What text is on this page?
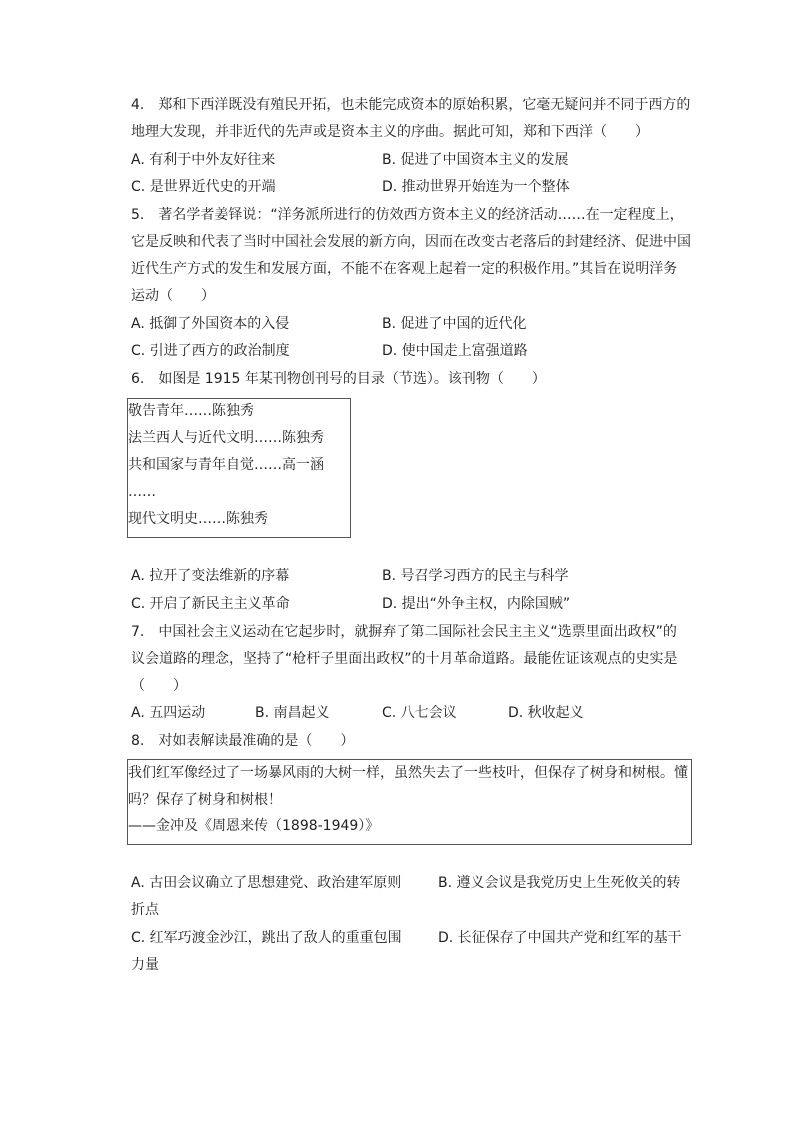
4.　郑和下西洋既没有殖民开拓，也未能完成资本的原始积累，它毫无疑问并不同于西方的
地理大发现，并非近代的先声或是资本主义的序曲。据此可知，郑和下西洋（　　）
A. 有利于中外友好往来	B. 促进了中国资本主义的发展
C. 是世界近代史的开端	D. 推动世界开始连为一个整体
5.　著名学者姜铎说：“洋务派所进行的仿效西方资本主义的经济活动……在一定程度上，
它是反映和代表了当时中国社会发展的新方向，因而在改变古老落后的封建经济、促进中国
近代生产方式的发生和发展方面，不能不在客观上起着一定的积极作用。”其旨在说明洋务
运动（　　）
A. 抵御了外国资本的入侵	B. 促进了中国的近代化
C. 引进了西方的政治制度	D. 使中国走上富强道路
6.　如图是 1915 年某刊物创刊号的目录（节选）。该刊物（　　）
敬告青年……陈独秀
法兰西人与近代文明……陈独秀
共和国家与青年自觉……高一涵
……
现代文明史……陈独秀
A. 拉开了变法维新的序幕	B. 号召学习西方的民主与科学
C. 开启了新民主主义革命	D. 提出“外争主权，内除国贼”
7.　中国社会主义运动在它起步时，就摒弃了第二国际社会民主主义“选票里面出政权”的
议会道路的理念，坚持了“枪杆子里面出政权”的十月革命道路。最能佐证该观点的史实是
（　　）
A. 五四运动	B. 南昌起义	C. 八七会议	D. 秋收起义
8.　对如表解读最准确的是（　　）
我们红军像经过了一场暴风雨的大树一样，虽然失去了一些枝叶，但保存了树身和树根。懂
吗？保存了树身和树根！
——金冲及《周恩来传（1898-1949）》
A. 古田会议确立了思想建党、政治建军原则	B. 遵义会议是我党历史上生死攸关的转
折点
C. 红军巧渡金沙江，跳出了敌人的重重包围	D. 长征保存了中国共产党和红军的基干
力量
